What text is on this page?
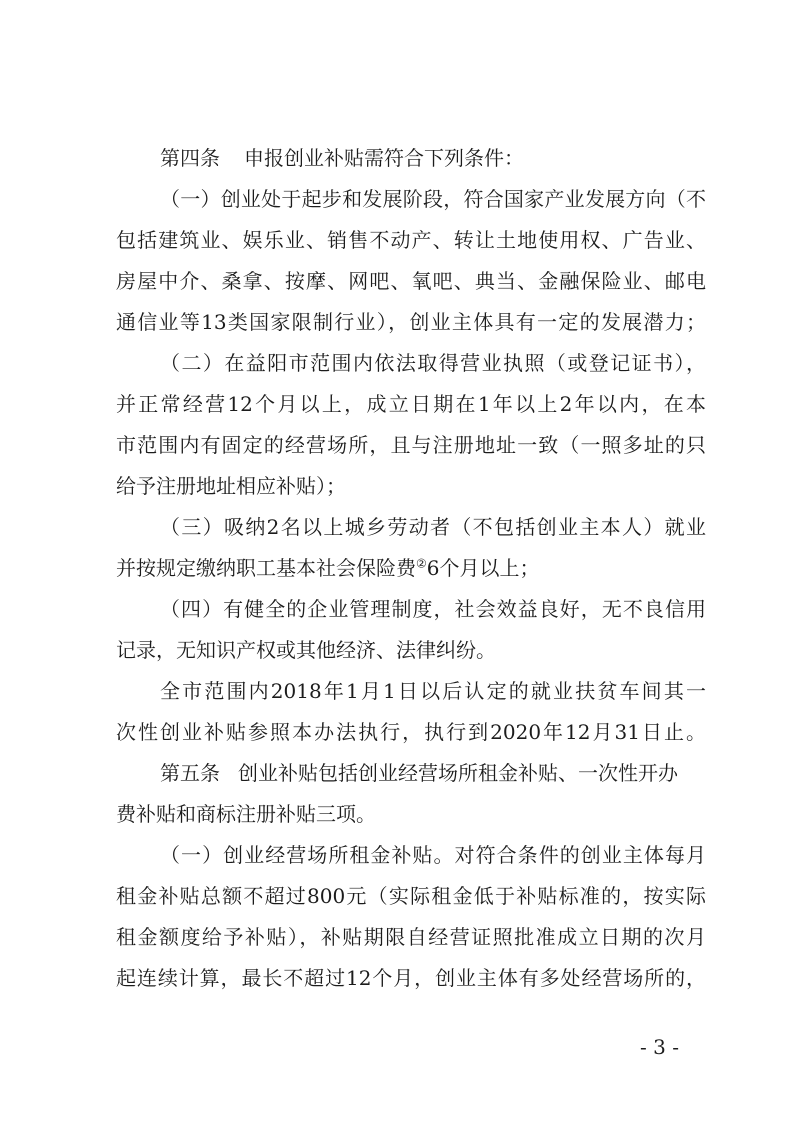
第四条 申报创业补贴需符合下列条件：
（一）创业处于起步和发展阶段，符合国家产业发展方向（不
包括建筑业、娱乐业、销售不动产、转让土地使用权、广告业、
房屋中介、桑拿、按摩、网吧、氧吧、典当、金融保险业、邮电
通信业等13类国家限制行业），创业主体具有一定的发展潜力；
（二）在益阳市范围内依法取得营业执照（或登记证书），
并正常经营12个月以上，成立日期在1年以上2年以内，在本
市范围内有固定的经营场所，且与注册地址一致（一照多址的只
给予注册地址相应补贴）；
（三）吸纳2名以上城乡劳动者（不包括创业主本人）就业
并按规定缴纳职工基本社会保险费②6个月以上；
（四）有健全的企业管理制度，社会效益良好，无不良信用
记录，无知识产权或其他经济、法律纠纷。
全市范围内2018年1月1日以后认定的就业扶贫车间其一
次性创业补贴参照本办法执行，执行到2020年12月31日止。
第五条 创业补贴包括创业经营场所租金补贴、一次性开办
费补贴和商标注册补贴三项。
（一）创业经营场所租金补贴。对符合条件的创业主体每月
租金补贴总额不超过800元（实际租金低于补贴标准的，按实际
租金额度给予补贴），补贴期限自经营证照批准成立日期的次月
起连续计算，最长不超过12个月，创业主体有多处经营场所的，
- 3 -
